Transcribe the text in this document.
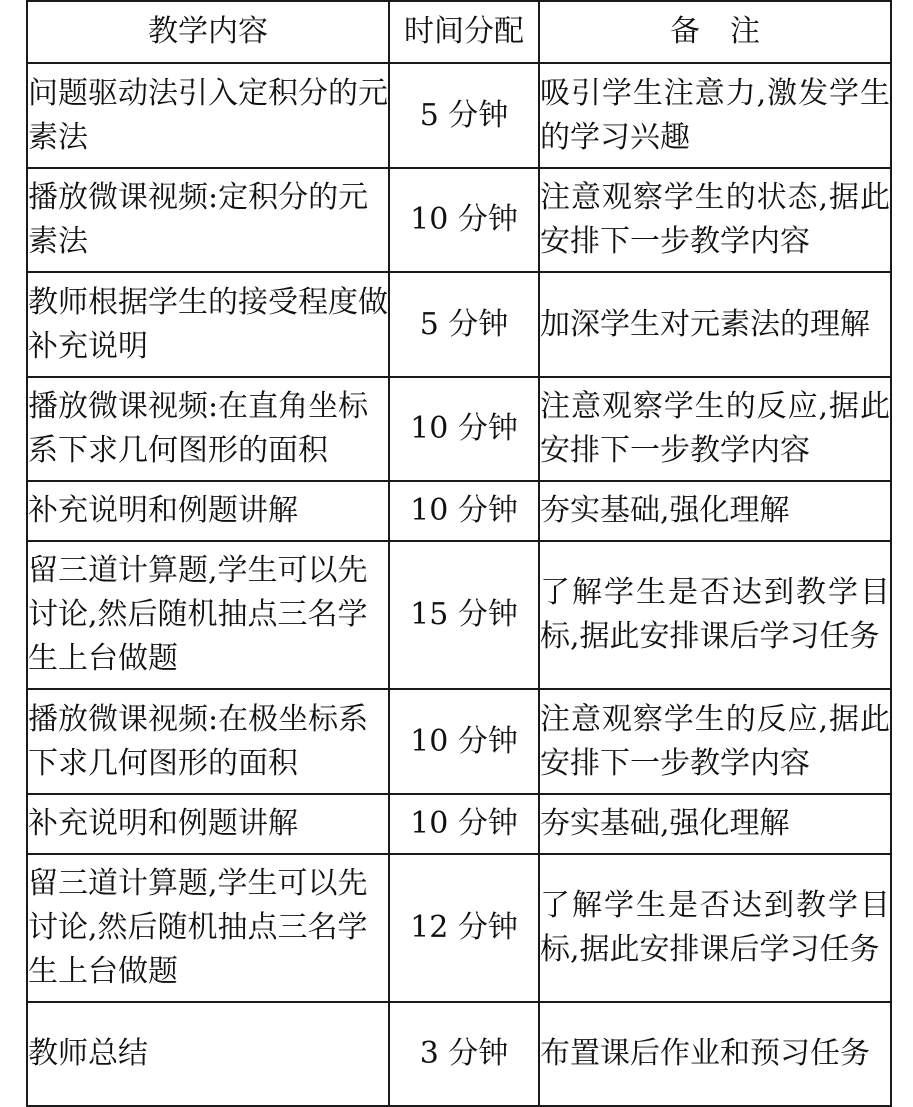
教学内容	时间分配	备　注
问题驱动法引入定积分的元素法	5 分钟	吸引学生注意力,激发学生的学习兴趣
播放微课视频:定积分的元素法	10 分钟	注意观察学生的状态,据此安排下一步教学内容
教师根据学生的接受程度做补充说明	5 分钟	加深学生对元素法的理解
播放微课视频:在直角坐标系下求几何图形的面积	10 分钟	注意观察学生的反应,据此安排下一步教学内容
补充说明和例题讲解	10 分钟	夯实基础,强化理解
留三道计算题,学生可以先讨论,然后随机抽点三名学生上台做题	15 分钟	了解学生是否达到教学目标,据此安排课后学习任务
播放微课视频:在极坐标系下求几何图形的面积	10 分钟	注意观察学生的反应,据此安排下一步教学内容
补充说明和例题讲解	10 分钟	夯实基础,强化理解
留三道计算题,学生可以先讨论,然后随机抽点三名学生上台做题	12 分钟	了解学生是否达到教学目标,据此安排课后学习任务
教师总结	3 分钟	布置课后作业和预习任务
